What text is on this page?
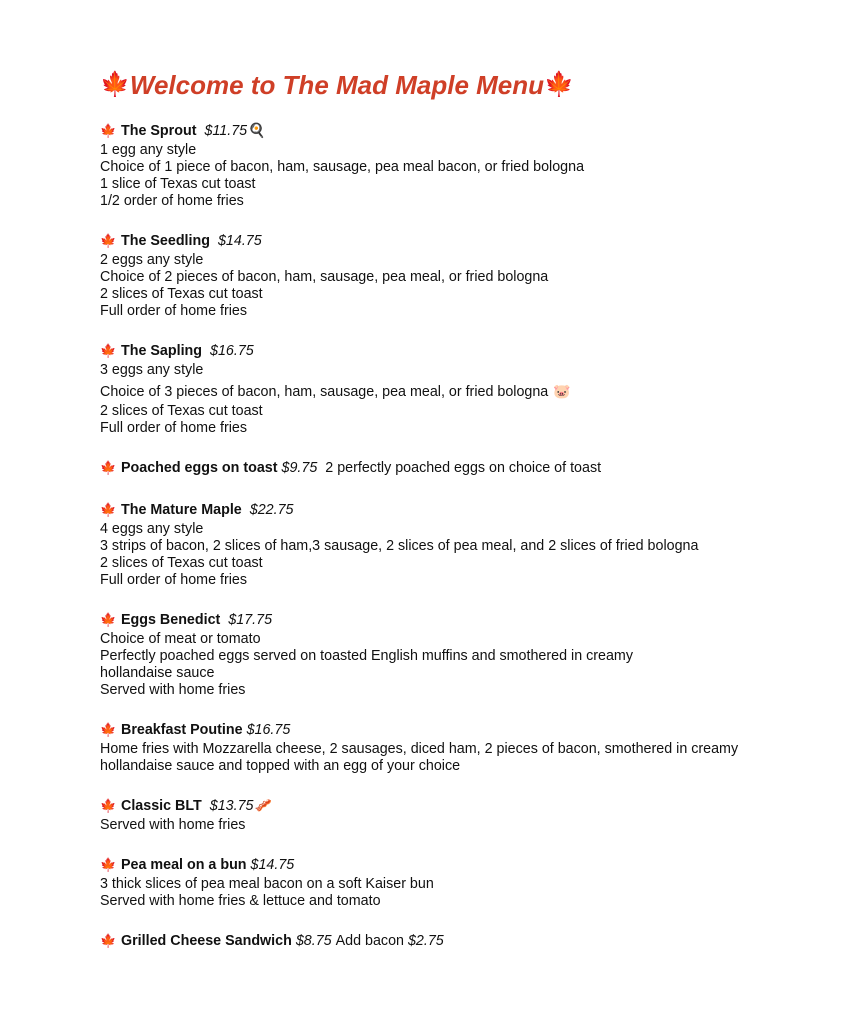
🍁 Welcome to The Mad Maple Menu 🍁
🍁 The Sprout $11.75 🍳
1 egg any style
Choice of 1 piece of bacon, ham, sausage, pea meal bacon, or fried bologna
1 slice of Texas cut toast
1/2 order of home fries
🍁 The Seedling $14.75
2 eggs any style
Choice of 2 pieces of bacon, ham, sausage, pea meal, or fried bologna
2 slices of Texas cut toast
Full order of home fries
🍁 The Sapling $16.75
3 eggs any style
Choice of 3 pieces of bacon, ham, sausage, pea meal, or fried bologna 🐷
2 slices of Texas cut toast
Full order of home fries
🍁 Poached eggs on toast $9.75 2 perfectly poached eggs on choice of toast
🍁 The Mature Maple $22.75
4 eggs any style
3 strips of bacon, 2 slices of ham,3 sausage, 2 slices of pea meal, and 2 slices of fried bologna
2 slices of Texas cut toast
Full order of home fries
🍁 Eggs Benedict $17.75
Choice of meat or tomato
Perfectly poached eggs served on toasted English muffins and smothered in creamy hollandaise sauce
Served with home fries
🍁 Breakfast Poutine $16.75
Home fries with Mozzarella cheese, 2 sausages, diced ham, 2 pieces of bacon, smothered in creamy hollandaise sauce and topped with an egg of your choice
🍁 Classic BLT $13.75 🥓
Served with home fries
🍁 Pea meal on a bun $14.75
3 thick slices of pea meal bacon on a soft Kaiser bun
Served with home fries & lettuce and tomato
🍁 Grilled Cheese Sandwich $8.75 Add bacon $2.75
